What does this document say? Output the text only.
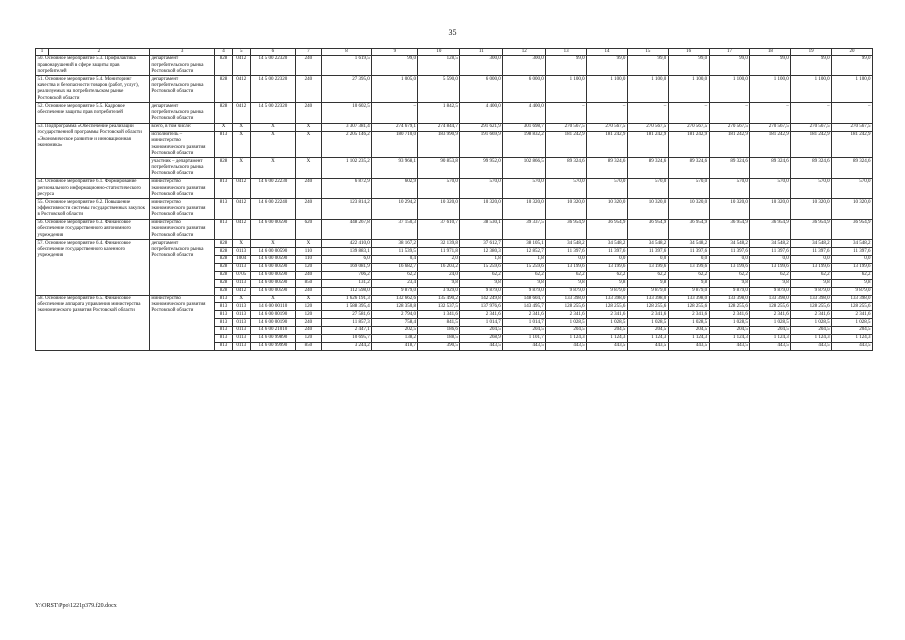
35
1	2	3	4	5	6	7	8	9	10	11	12	13	14	15	16	17	18	19	20
50. Основное мероприятие 5.3. Профилактика правонарушений в сфере защиты прав потребителей		департамент потребительского рынка Ростовской области	828	0412	14 5 00 22320	240	1 619,5	99,0	128,5	300,0	300,0	99,0	99,0	99,0	99,0	99,0	99,0	99,0	99,0
51. Основное мероприятие 5.4. Мониторинг качества и безопасности товаров (работ, услуг), реализуемых на потребительском рынке Ростовской области		департамент потребительского рынка Ростовской области	828	0412	14 5 00 22320	240	27 395,0	1 005,0	5 590,0	6 000,0	6 000,0	1 100,0	1 100,0	1 100,0	1 100,0	1 100,0	1 100,0	1 100,0	1 100,0
52. Основное мероприятие 5.5. Кадровое обеспечение защиты прав потребителей		департамент потребительского рынка Ростовской области	828	0412	14 5 00 22320	240	10 602,5	–	1 842,5	4 400,0	4 400,0	–	–	–	–	–	–	–	–
53. Подпрограмма «Обеспечение реализации государственной программы Ростовской области «Экономическое развитие и инновационная экономика»		всего, в том числе:	X	X	X	X	3 307 381,4	274 679,1	274 844,7	291 621,9	301 698,7	270 567,5	270 567,5	270 567,5	270 567,5	270 567,5	270 567,5	270 567,5	270 567,5
		исполнитель – министерство экономического развития Ростовской области	813	X	X	X	2 205 146,2	180 710,0	183 990,9	191 669,9	198 832,2	181 242,9	181 242,9	181 242,9	181 242,9	181 242,9	181 242,9	181 242,9	181 242,9
		участник – департамент потребительского рынка Ростовской области	828	X	X	X	1 102 235,2	93 968,1	90 853,8	99 952,0	102 866,5	89 324,6	89 324,6	89 324,6	89 324,6	89 324,6	89 324,6	89 324,6	89 324,6
54. Основное мероприятие 6.1. Формирование регионального информационно-статистического ресурса		министерство экономического развития Ростовской области	813	0412	14 6 00 22230	240	6 872,9	602,9	570,0	570,0	570,0	570,0	570,0	570,0	570,0	570,0	570,0	570,0	570,0
55. Основное мероприятие 6.2. Повышение эффективности системы государственных закупок в Ростовской области		министерство экономического развития Ростовской области	813	0412	14 6 00 22240	240	123 814,2	10 294,2	10 320,0	10 320,0	10 320,0	10 320,0	10 320,0	10 320,0	10 320,0	10 320,0	10 320,0	10 320,0	10 320,0
56. Основное мероприятие 6.3. Финансовое обеспечение государственного автономного учреждения		министерство экономического развития Ростовской области	813	0412	14 6 00 00590	620	448 267,8	37 150,3	37 610,7	38 530,1	39 337,5	36 954,9	36 954,9	36 954,9	36 954,9	36 954,9	36 954,9	36 954,9	36 954,9
57. Основное мероприятие 6.4. Финансовое обеспечение государственного казенного учреждения		департамент потребительского рынка Ростовской области	828	X	X	X	422 410,0	38 167,2	32 139,8	37 612,7	38 105,1	34 548,2	34 548,2	34 548,2	34 548,2	34 548,2	34 548,2	34 548,2	34 548,2
			828	0113	14 6 00 00590	110	139 883,1	11 539,5	11 971,8	12 380,3	12 852,7	11 397,6	11 397,6	11 397,6	11 397,6	11 397,6	11 397,6	11 397,6	11 397,6
			828	1004	14 6 00 00590	110	6,0	0,4	2,0	1,8	1,8	0,0	0,0	0,0	0,0	0,0	0,0	0,0	0,0
			828	0113	14 6 00 00590	120	169 081,9	16 682,7	16 203,2	15 259,6	15 259,6	13 199,6	13 199,6	13 199,6	13 199,6	13 199,6	13 199,6	13 199,6	13 199,6
			828	0705	14 6 00 00590	240	706,2	62,2	24,0	62,2	62,2	62,2	62,2	62,2	62,2	62,2	62,2	62,2	62,2
			828	0113	14 6 00 00590	850	131,2	23,4	9,8	9,8	9,8	9,8	9,8	9,8	9,8	9,8	9,8	9,8	9,8
			828	0412	14 6 00 00590	240	112 598,0	9 879,0	3 929,0	9 879,0	9 879,0	9 879,0	9 879,0	9 879,0	9 879,0	9 879,0	9 879,0	9 879,0	9 879,0
58. Основное мероприятие 6.5. Финансовое обеспечение аппарата управления министерства экономического развития Ростовской области		министерство экономического развития Ростовской области	813	X	X	X	1 626 191,3	132 662,6	135 490,2	142 249,8	148 604,7	133 398,0	133 398,0	133 398,0	133 398,0	133 398,0	133 398,0	133 398,0	133 398,0
			813	0113	14 6 00 00110	120	1 588 395,4	128 350,8	132 537,5	137 976,6	143 495,7	128 255,6	128 255,6	128 255,6	128 255,6	128 255,6	128 255,6	128 255,6	128 255,6
			813	0113	14 6 00 00190	120	27 581,6	2 794,0	1 341,6	2 341,6	2 341,6	2 341,6	2 341,6	2 341,6	2 341,6	2 341,6	2 341,6	2 341,6	2 341,6
			813	0113	14 6 00 00190	240	11 857,3	758,4	841,5	1 014,7	1 014,7	1 028,5	1 028,5	1 028,5	1 028,5	1 028,5	1 028,5	1 028,5	1 028,5
			813	0113	14 6 00 21010	240	2 447,1	202,5	186,6	204,5	204,5	204,5	204,5	204,5	204,5	204,5	204,5	204,5	204,5
			813	0113	14 6 00 99890	120	10 695,7	138,2	188,5	268,9	1 101,7	1 124,3	1 124,3	1 124,3	1 124,3	1 124,3	1 124,3	1 124,3	1 124,3
			813	0113	14 6 00 99990	850	3 244,2	418,7	390,5	443,5	443,5	443,5	443,5	443,5	443,5	443,5	443,5	443,5	443,5
Y:\ORST\Ppo\1221p379.f20.docx
